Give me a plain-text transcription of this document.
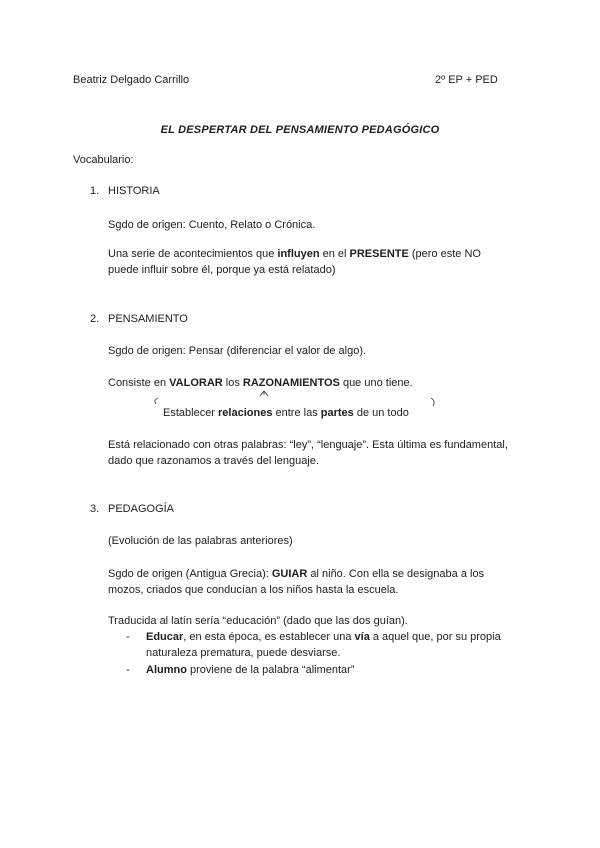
Beatriz Delgado Carrillo	2º EP + PED
EL DESPERTAR DEL PENSAMIENTO PEDAGÓGICO
Vocabulario:
1. HISTORIA
Sgdo de origen: Cuento, Relato o Crónica.
Una serie de acontecimientos que influyen en el PRESENTE (pero este NO puede influir sobre él, porque ya está relatado)
2. PENSAMIENTO
Sgdo de origen: Pensar (diferenciar el valor de algo).
Consiste en VALORAR los RAZONAMIENTOS que uno tiene.
Establecer relaciones entre las partes de un todo
Está relacionado con otras palabras: “ley”, “lenguaje”. Esta última es fundamental, dado que razonamos a través del lenguaje.
3. PEDAGOGÍA
(Evolución de las palabras anteriores)
Sgdo de origen (Antigua Grecia): GUIAR al niño. Con ella se designaba a los mozos, criados que conducían a los niños hasta la escuela.
Traducida al latín sería “educación” (dado que las dos guían).
- Educar, en esta época, es establecer una vía a aquel que, por su propia naturaleza prematura, puede desviarse.
- Alumno proviene de la palabra “alimentar”
